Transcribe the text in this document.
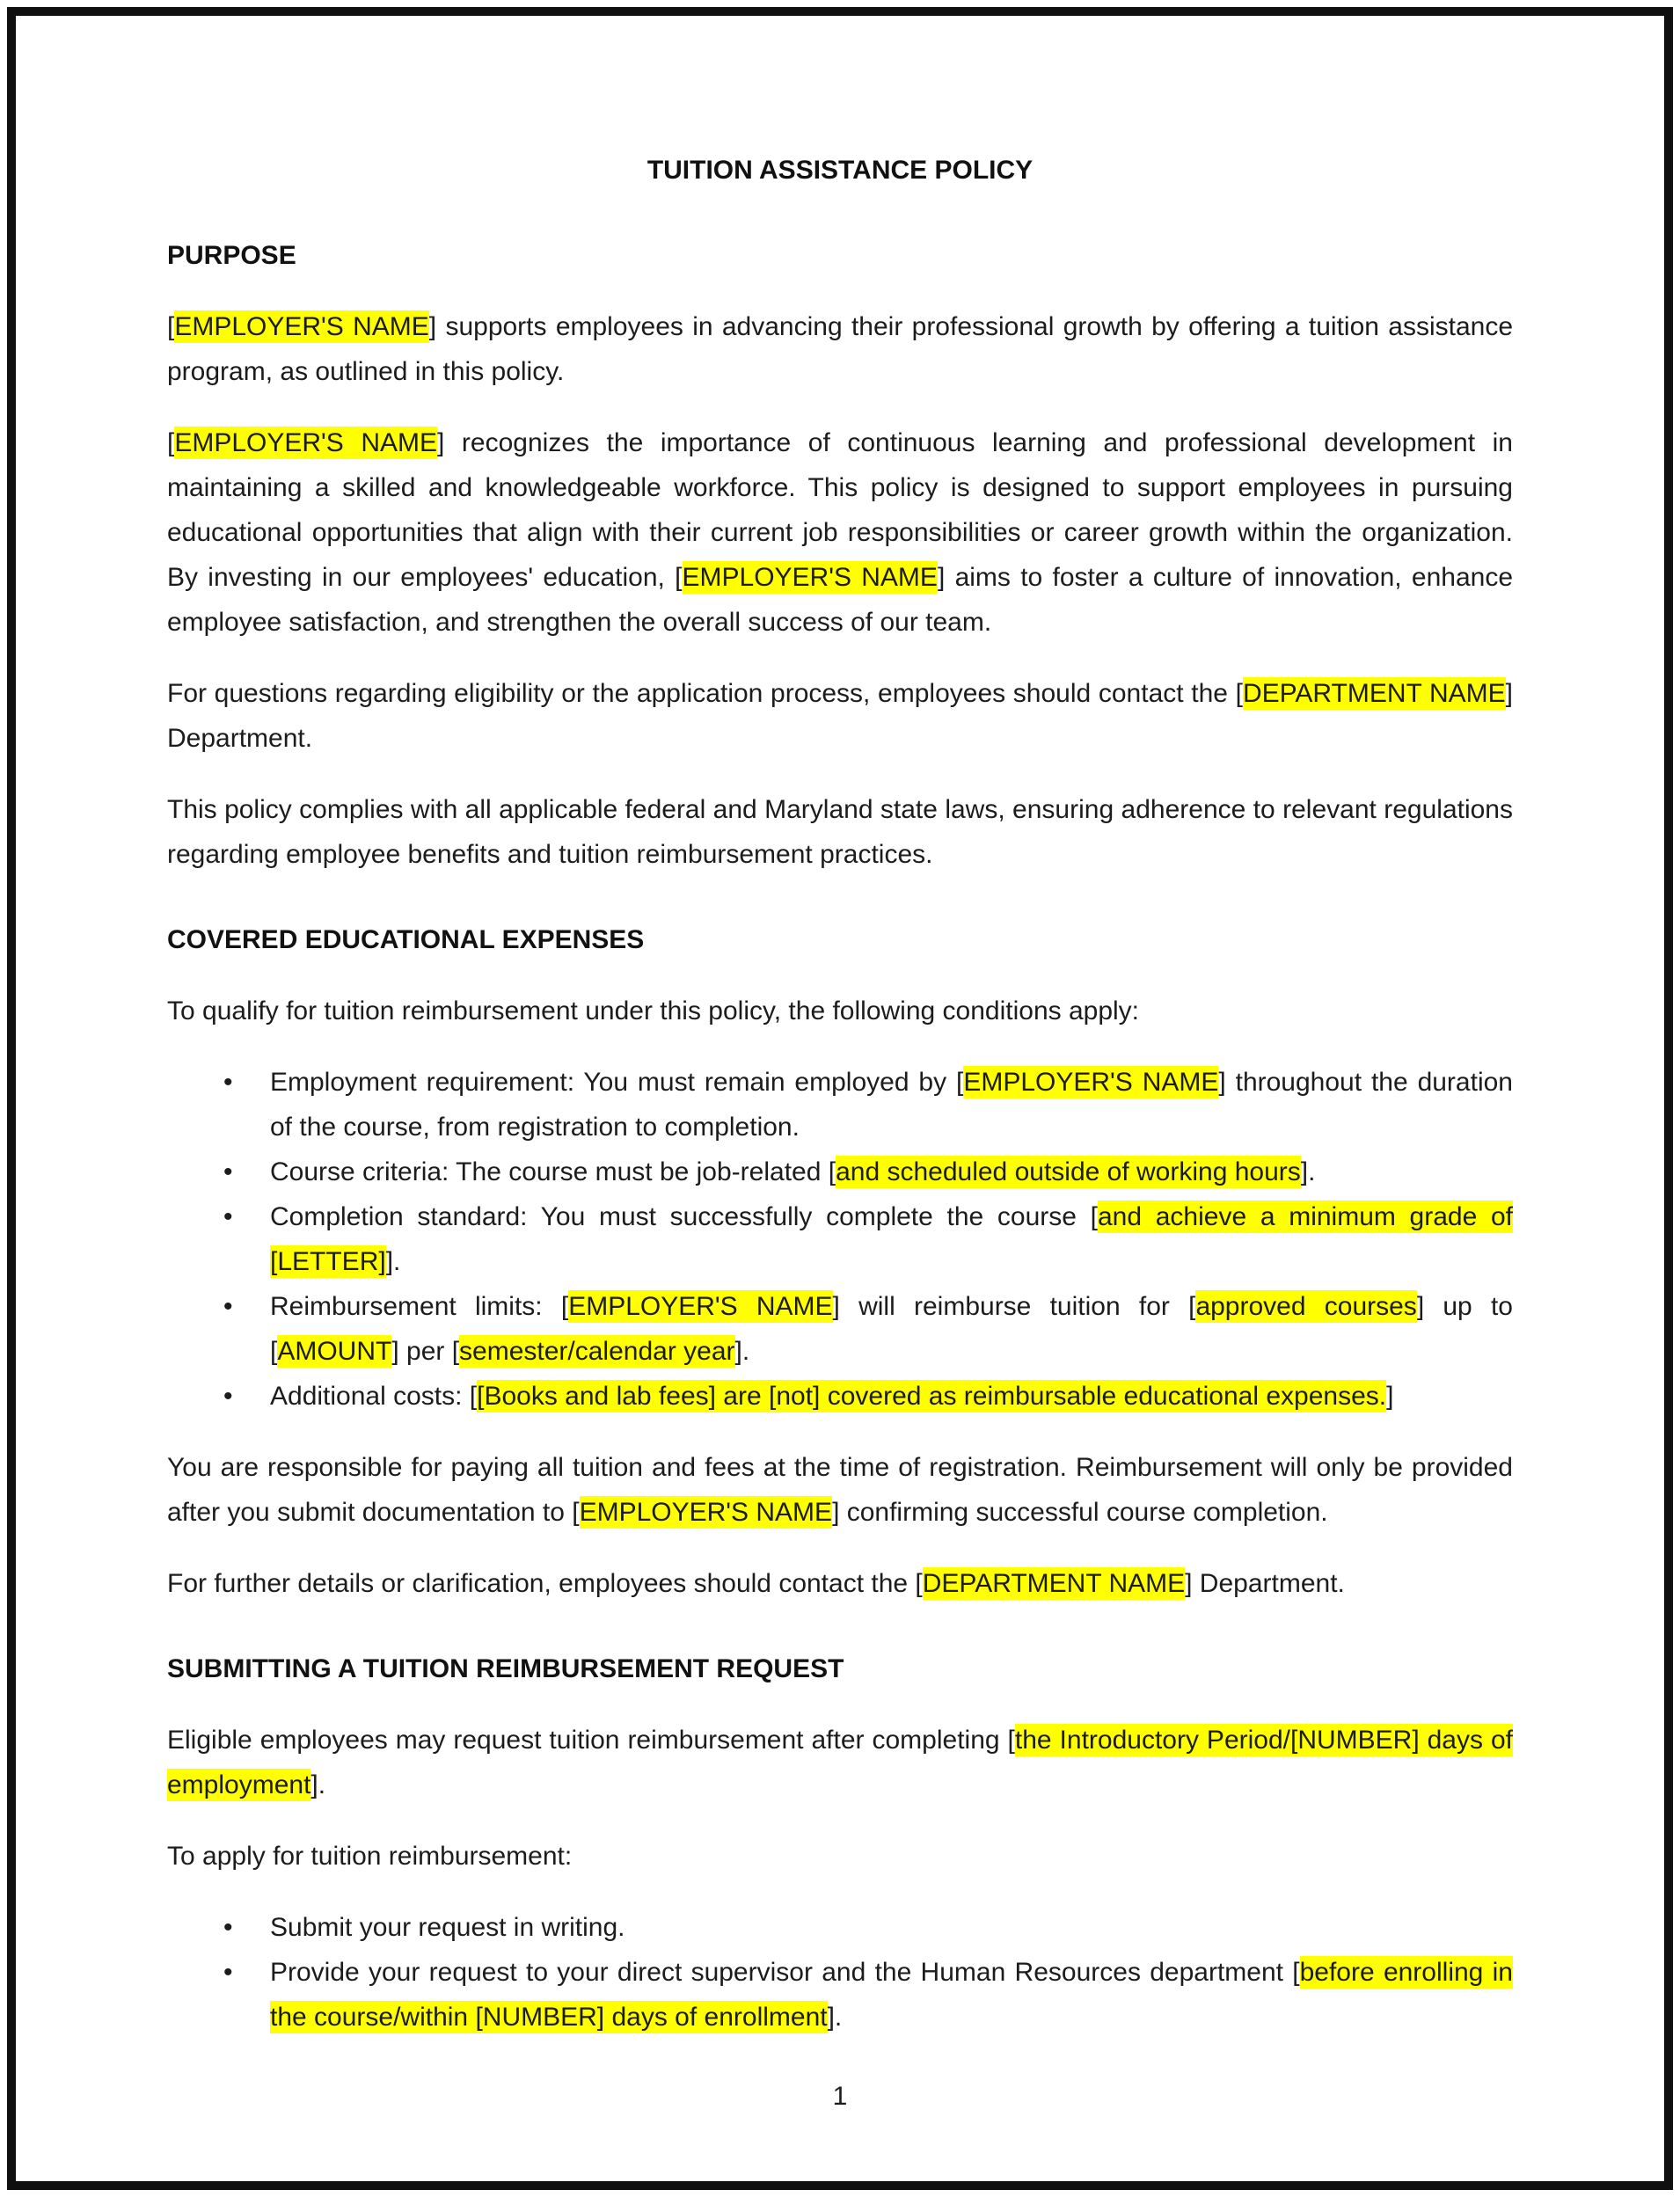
TUITION ASSISTANCE POLICY
PURPOSE

[EMPLOYER'S NAME] supports employees in advancing their professional growth by offering a tuition assistance program, as outlined in this policy.

[EMPLOYER'S NAME] recognizes the importance of continuous learning and professional development in maintaining a skilled and knowledgeable workforce. This policy is designed to support employees in pursuing educational opportunities that align with their current job responsibilities or career growth within the organization. By investing in our employees' education, [EMPLOYER'S NAME] aims to foster a culture of innovation, enhance employee satisfaction, and strengthen the overall success of our team.

For questions regarding eligibility or the application process, employees should contact the [DEPARTMENT NAME] Department.

This policy complies with all applicable federal and Maryland state laws, ensuring adherence to relevant regulations regarding employee benefits and tuition reimbursement practices.

COVERED EDUCATIONAL EXPENSES

To qualify for tuition reimbursement under this policy, the following conditions apply:

• Employment requirement: You must remain employed by [EMPLOYER'S NAME] throughout the duration of the course, from registration to completion.
• Course criteria: The course must be job-related [and scheduled outside of working hours].
• Completion standard: You must successfully complete the course [and achieve a minimum grade of [LETTER]].
• Reimbursement limits: [EMPLOYER'S NAME] will reimburse tuition for [approved courses] up to [AMOUNT] per [semester/calendar year].
• Additional costs: [[Books and lab fees] are [not] covered as reimbursable educational expenses.]

You are responsible for paying all tuition and fees at the time of registration. Reimbursement will only be provided after you submit documentation to [EMPLOYER'S NAME] confirming successful course completion.

For further details or clarification, employees should contact the [DEPARTMENT NAME] Department.

SUBMITTING A TUITION REIMBURSEMENT REQUEST

Eligible employees may request tuition reimbursement after completing [the Introductory Period/[NUMBER] days of employment].

To apply for tuition reimbursement:

• Submit your request in writing.
• Provide your request to your direct supervisor and the Human Resources department [before enrolling in the course/within [NUMBER] days of enrollment].
1
